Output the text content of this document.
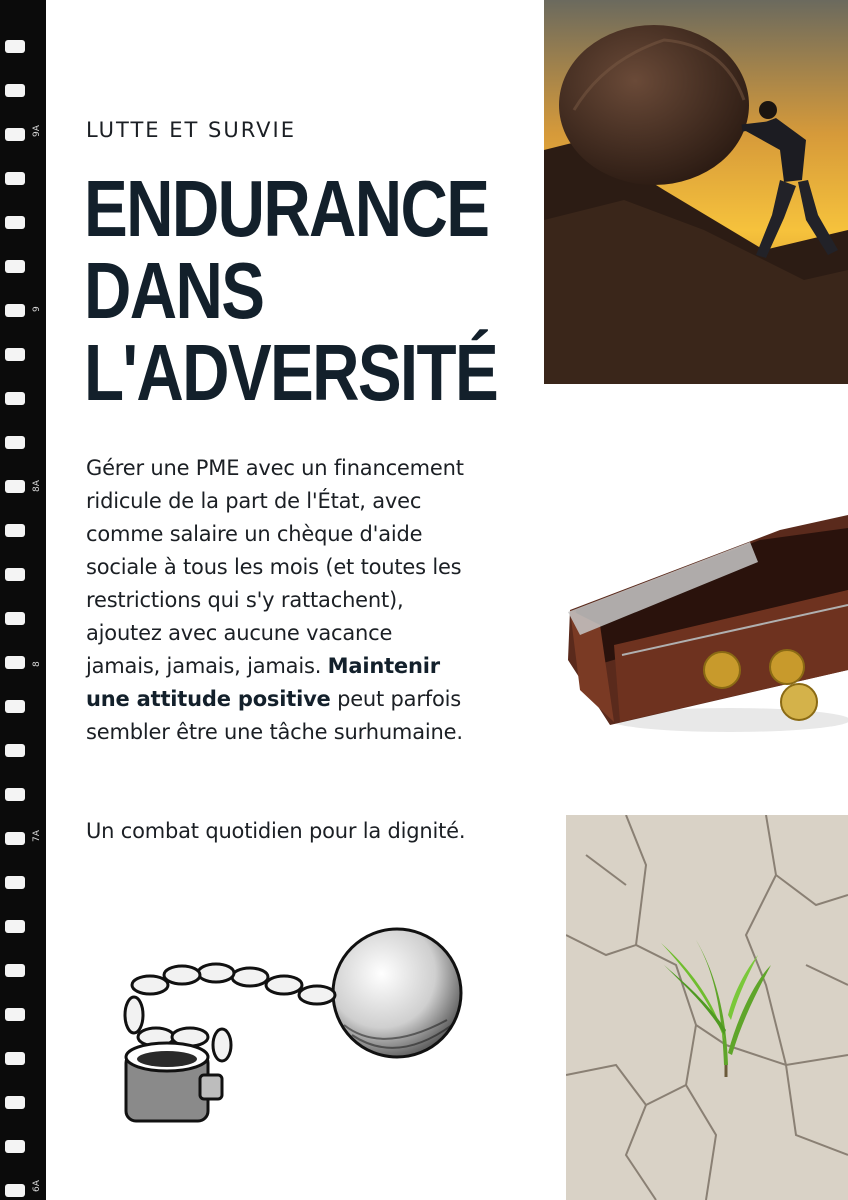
9A
9
8A
8
7A
6A
LUTTE ET SURVIE
ENDURANCE
DANS
L'ADVERSITÉ

Gérer une PME avec un financement ridicule de la part de l'État, avec comme salaire un chèque d'aide sociale à tous les mois (et toutes les restrictions qui s'y rattachent), ajoutez avec aucune vacance jamais, jamais, jamais. Maintenir une attitude positive peut parfois sembler être une tâche surhumaine.

Un combat quotidien pour la dignité.
